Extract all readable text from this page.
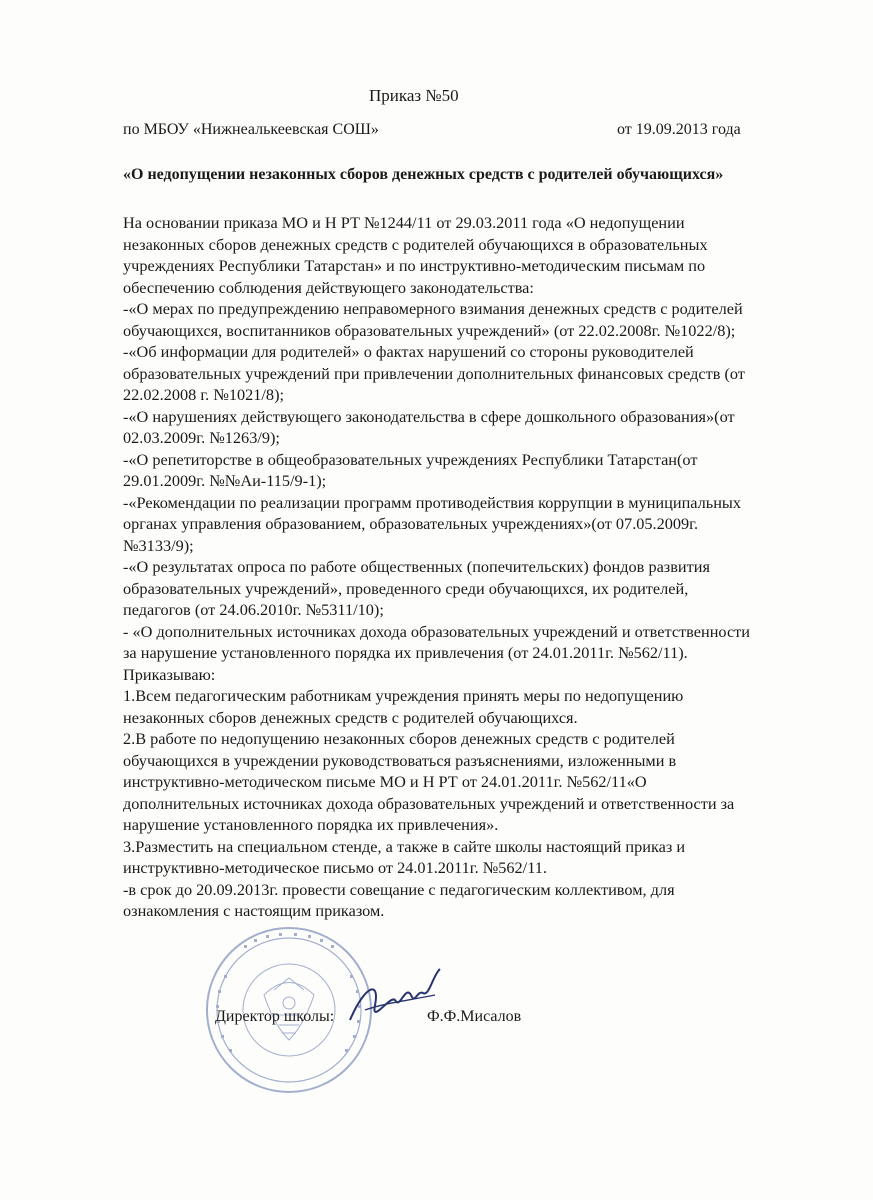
Приказ №50
по МБОУ «Нижнеалькеевская СОШ»	от 19.09.2013 года
«О недопущении незаконных сборов денежных средств с родителей обучающихся»
На основании приказа МО и Н РТ №1244/11 от 29.03.2011 года «О недопущении
незаконных сборов денежных средств с родителей обучающихся в образовательных
учреждениях Республики Татарстан» и по инструктивно-методическим письмам по
обеспечению соблюдения действующего законодательства:
-«О мерах по предупреждению неправомерного взимания денежных средств с родителей
обучающихся, воспитанников образовательных учреждений» (от 22.02.2008г. №1022/8);
-«Об информации для родителей» о фактах нарушений со стороны руководителей
образовательных учреждений при привлечении дополнительных финансовых средств (от
22.02.2008 г. №1021/8);
-«О нарушениях действующего законодательства в сфере дошкольного образования»(от
02.03.2009г. №1263/9);
-«О репетиторстве в общеобразовательных учреждениях Республики Татарстан(от
29.01.2009г. №№Аи-115/9-1);
-«Рекомендации по реализации программ противодействия коррупции в муниципальных
органах управления образованием, образовательных учреждениях»(от 07.05.2009г.
№3133/9);
-«О результатах опроса по работе общественных (попечительских) фондов развития
образовательных учреждений», проведенного среди обучающихся, их родителей,
педагогов (от 24.06.2010г. №5311/10);
- «О дополнительных источниках дохода образовательных учреждений и ответственности
за нарушение установленного порядка их привлечения (от 24.01.2011г. №562/11).
Приказываю:
1.Всем педагогическим работникам учреждения принять меры по недопущению
незаконных сборов денежных средств с родителей обучающихся.
2.В работе по недопущению незаконных сборов денежных средств с родителей
обучающихся в учреждении руководствоваться разъяснениями, изложенными в
инструктивно-методическом письме МО и Н РТ от 24.01.2011г. №562/11«О
дополнительных источниках дохода образовательных учреждений и ответственности за
нарушение установленного порядка их привлечения».
3.Разместить на специальном стенде, а также в сайте школы настоящий приказ и
инструктивно-методическое письмо от 24.01.2011г. №562/11.
-в срок до 20.09.2013г. провести совещание с педагогическим коллективом, для
ознакомления с настоящим приказом.
Директор школы:	Ф.Ф.Мисалов
